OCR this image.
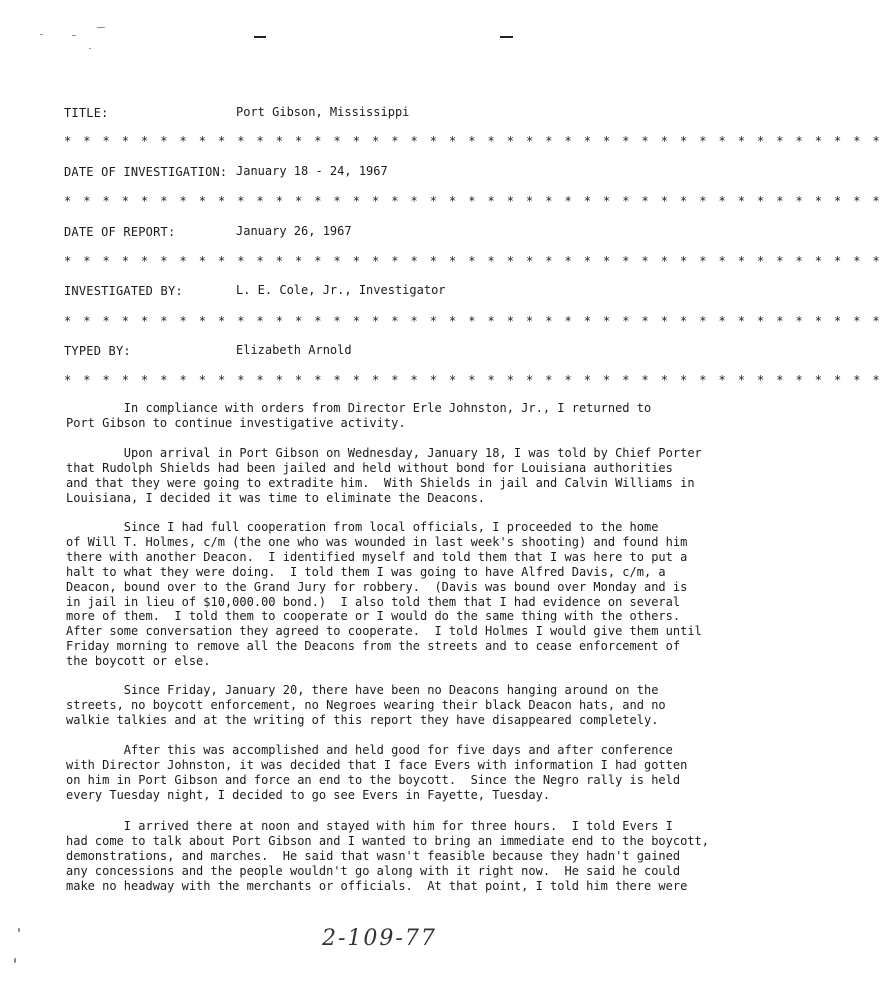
TITLE:	Port Gibson, Mississippi
* * * * * * * * * * * * * * * * * * * * * * * * * * * * * * * * * * * * * * * * * * *
DATE OF INVESTIGATION: January 18 - 24, 1967
* * * * * * * * * * * * * * * * * * * * * * * * * * * * * * * * * * * * * * * * * * *
DATE OF REPORT:	January 26, 1967
* * * * * * * * * * * * * * * * * * * * * * * * * * * * * * * * * * * * * * * * * * *
INVESTIGATED BY:	L. E. Cole, Jr., Investigator
* * * * * * * * * * * * * * * * * * * * * * * * * * * * * * * * * * * * * * * * * * *
TYPED BY:	Elizabeth Arnold
* * * * * * * * * * * * * * * * * * * * * * * * * * * * * * * * * * * * * * * * * * *
In compliance with orders from Director Erle Johnston, Jr., I returned to
Port Gibson to continue investigative activity.
Upon arrival in Port Gibson on Wednesday, January 18, I was told by Chief Porter
that Rudolph Shields had been jailed and held without bond for Louisiana authorities
and that they were going to extradite him.  With Shields in jail and Calvin Williams in
Louisiana, I decided it was time to eliminate the Deacons.
Since I had full cooperation from local officials, I proceeded to the home
of Will T. Holmes, c/m (the one who was wounded in last week's shooting) and found him
there with another Deacon.  I identified myself and told them that I was here to put a
halt to what they were doing.  I told them I was going to have Alfred Davis, c/m, a
Deacon, bound over to the Grand Jury for robbery.  (Davis was bound over Monday and is
in jail in lieu of $10,000.00 bond.)  I also told them that I had evidence on several
more of them.  I told them to cooperate or I would do the same thing with the others.
After some conversation they agreed to cooperate.  I told Holmes I would give them until
Friday morning to remove all the Deacons from the streets and to cease enforcement of
the boycott or else.
Since Friday, January 20, there have been no Deacons hanging around on the
streets, no boycott enforcement, no Negroes wearing their black Deacon hats, and no
walkie talkies and at the writing of this report they have disappeared completely.
After this was accomplished and held good for five days and after conference
with Director Johnston, it was decided that I face Evers with information I had gotten
on him in Port Gibson and force an end to the boycott.  Since the Negro rally is held
every Tuesday night, I decided to go see Evers in Fayette, Tuesday.
I arrived there at noon and stayed with him for three hours.  I told Evers I
had come to talk about Port Gibson and I wanted to bring an immediate end to the boycott,
demonstrations, and marches.  He said that wasn't feasible because they hadn't gained
any concessions and the people wouldn't go along with it right now.  He said he could
make no headway with the merchants or officials.  At that point, I told him there were
2-109-77
